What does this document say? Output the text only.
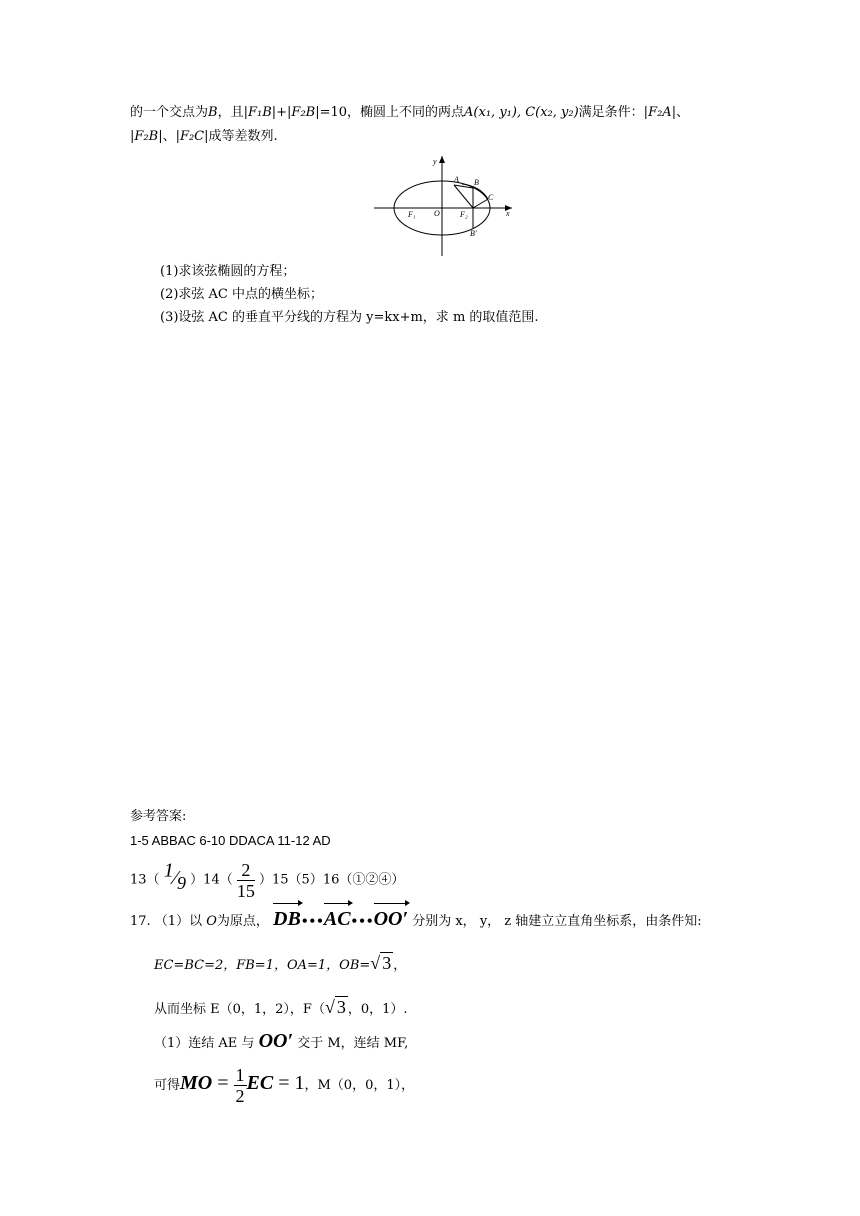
的一个交点为B，且|F₁B|+|F₂B|=10，椭圆上不同的两点A(x₁, y₁), C(x₂, y₂)满足条件：|F₂A|、
|F₂B|、|F₂C|成等差数列.
y
x
A B
C
F₁ O	F₂
B′
(1)求该弦椭圆的方程；
(2)求弦 AC 中点的横坐标；
(3)设弦 AC 的垂直平分线的方程为 y=kx+m，求 m 的取值范围.
参考答案:
1-5 ABBAC 6-10 DDACA 11-12 AD
13（ $^1⁄_9$ ）$14( \frac{2}{15}$ ）15（5）16（①②④）
17. （1）以 O为原点， DB•••AC•••OO′ 分别为 x， y， z 轴建立立直角坐标系，由条件知:
EC=BC=2，FB=1，OA=1，OB=√ 3 ，
从而坐标 E（0，1，2），F（√ 3 ，0，1）.
（1）连结 AE 与 OO′ 交于 M，连结 MF,
可得MO = $\frac{1}{2}$ EC = 1，M（0，0，1），
